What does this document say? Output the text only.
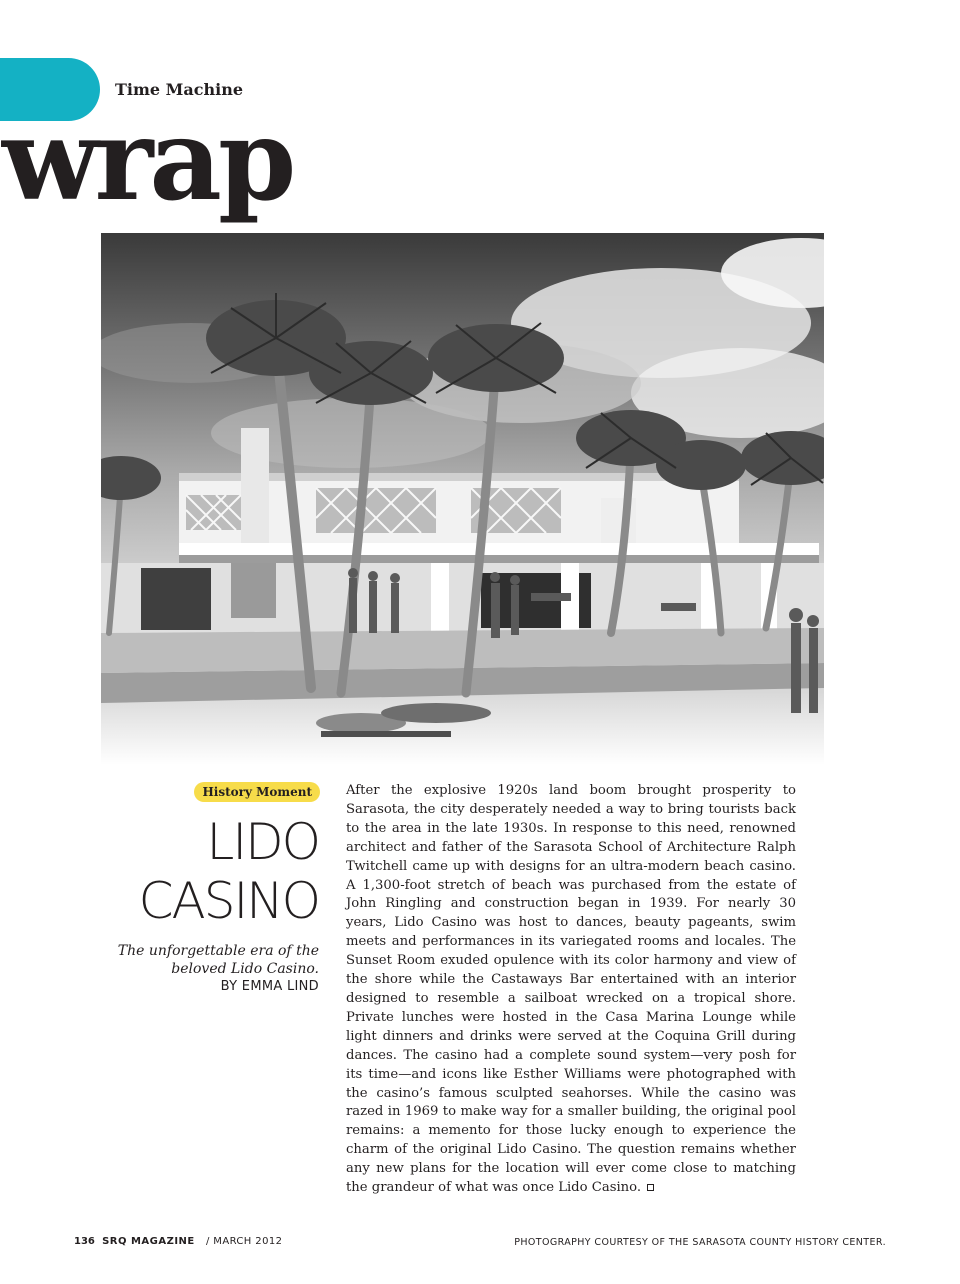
Time Machine
wrap
History Moment
LIDO
CASINO
The unforgettable era of the beloved Lido Casino.
BY EMMA LIND
After the explosive 1920s land boom brought prosperity to Sarasota, the city desperately needed a way to bring tourists back to the area in the late 1930s. In response to this need, renowned architect and father of the Sarasota School of Architecture Ralph Twitchell came up with designs for an ultra-modern beach casino. A 1,300-foot stretch of beach was purchased from the estate of John Ringling and construction began in 1939. For nearly 30 years, Lido Casino was host to dances, beauty pageants, swim meets and performances in its variegated rooms and locales. The Sunset Room exuded opulence with its color harmony and view of the shore while the Castaways Bar entertained with an interior designed to resemble a sailboat wrecked on a tropical shore. Private lunches were hosted in the Casa Marina Lounge while light dinners and drinks were served at the Coquina Grill during dances. The casino had a complete sound system—very posh for its time—and icons like Esther Williams were photographed with the casino’s famous sculpted seahorses. While the casino was razed in 1969 to make way for a smaller building, the original pool remains: a memento for those lucky enough to experience the charm of the original Lido Casino. The question remains whether any new plans for the location will ever come close to matching the grandeur of what was once Lido Casino.
136 SRQ MAGAZINE / MARCH 2012	PHOTOGRAPHY COURTESY OF THE SARASOTA COUNTY HISTORY CENTER.
